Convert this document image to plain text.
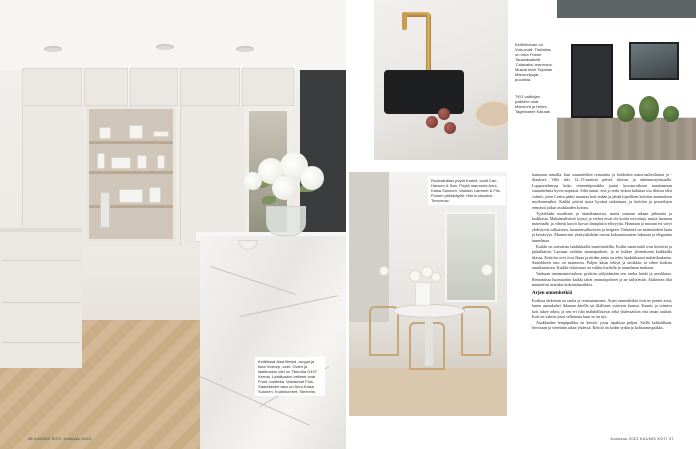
Keittiössä Ikea Metod -rungot ja Ikea Voxtorp -ovet. Ovien ja laatikoston väri on Tikkurila G497 Kerma. Laatikoston vetimet ovat Frost -tuotteita. Valaisimet Flos. Saarekkeen taso on Anni-Kaisa Sulonen. Kodinkoneet: Siemens.
36 KAUNIS KOTI Joulukuu 2021
Keittiöhanan on Vola-malli. Tiskiallas on Intra Frame. Taustakaakelit 'Calacatta'-marmoria. Mustat kivet Tapiolan Marmoripojat -puodista.
TKO-valittujen palkkien osat Marmorit ja Helmi-Tageliname Kaluste.
Ruokailutilan pöytä Kartell, tuolit Carl Hansen & Søn. Pöytä marmoria Anni-Kaisa Sulonen. Valaisin Lambert & Fils. Puinen piikkikäyttö: Hieno sisustus Tomorrow.

kanssaan samalla, kun suunniteltiin remonttia ja hoidettiin materiaalivalinnat ja -tilaukset. Ville teki 12–15-tuntisia päiviä tiloissa ja rakennustyömaalla. Loppuvaiheessa koko remonttiporukka joutui korona-aikaan muuttamaan suunnitelmia hyvin nopeasti. Siltä tuntui, että jo reilu viikon kuluttua osa tiloista olisi valmis, joten Leetta päätti muuttaa heti sisään ja jättää lopullisen keittiön asennuksen myöhemmäksi. Kaikki pitivät tuota hyvänä ratkaisuna, ja keittiön ja pesutilojen remontti jatkui asukkaiden kotona.

Tyyleiltään modernia ja skandinaavista, mutta samaan aikaan pehmeää ja kodikasta. Maksimalistiset tyynyt ja verhot eivät ole kotiin toivottuja, mutta luonnon materiaalit ja vihreät kasvit luovat ilmapiiriin elävyyttä. Harmaan ja mustan eri sävyt yhdistyvät valkoiseen, luonnonvalkoiseen ja beigeen. Tärkeintä on materiaalien laatu ja kestävyys. Marmoriset yksityiskohdat tuovat kokonaisuuteen luksusta ja eleganttia tunnelmaa.

Kaikki on toteutettu laadukkailla materiaaleilla. Kodin materiaalit ovat kestäviä ja pitkäikäisiä. Lattiaan valittiin tammiparketti, ja se kulkee yhtenäisenä kaikkialla tilassa. Keittiön ovet ovat Ikeaa ja niiden pinta on tehty laadukkaasti mittatilauksena. Saarekkeen taso on marmoria. Paljon käsin tehtyä ja uniikkia, se tekee kodista ainutlaatuisen. Kaikki valaisimet on valittu huolella ja tunnelman mukaan.

Vanhaan rintamamiestaloon pyrittiin säilyttämään sen vanha henki ja arvokkuus. Remontissa huomioitiin kaikki talon ominaispiirteet ja ne säilytettiin. Alakerran tilat muutettiin avaraksi kokonaisuudeksi.

Arjen onnenhetkiä

Kodissa tärkeintä on rauha ja rentoutuminen. Arjen onnenhetkiä ovat ne pienet asiat, kuten aamukahvi ikkunan äärellä tai illallinen ystävien kanssa. Kaunis ja toimiva koti tukee arkea, ja sen eri tilat mahdollistavat sekä yhdessäolon että oman rauhan. Koti on valmis juuri sellaisena kuin se on nyt.

Asukkaiden lempipaikka on keittiö, jossa tapahtuu paljon. Siellä kokkaillaan, leivotaan ja vietetään aikaa yhdessä. Keittiö on kodin sydän ja kohtaamispaikka.

Joulukuu 2021 KAUNIS KOTI 37
